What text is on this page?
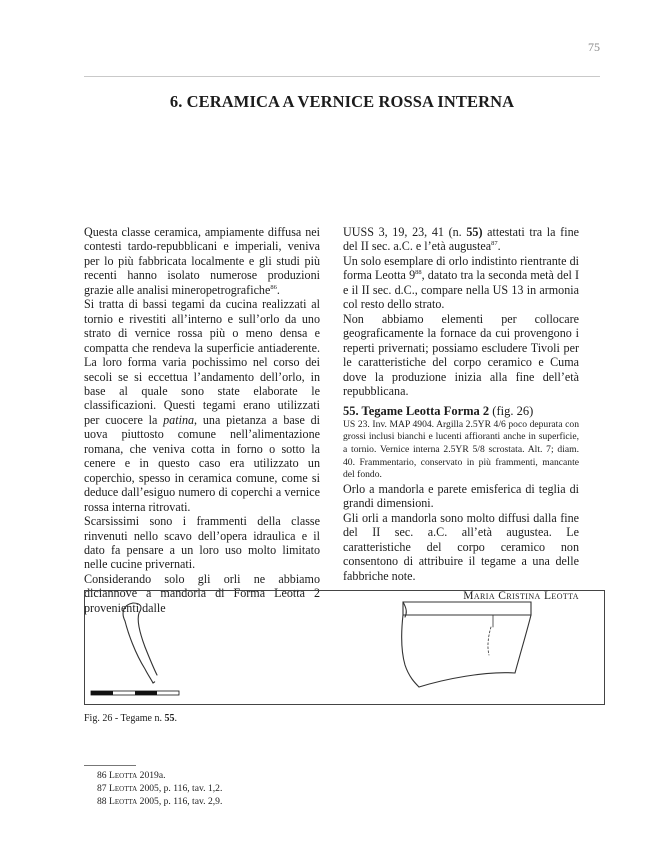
75
6. CERAMICA A VERNICE ROSSA INTERNA

Questa classe ceramica, ampiamente diffusa nei contesti tardo-repubblicani e imperiali, veniva per lo più fabbricata localmente e gli studi più recenti hanno isolato numerose produzioni grazie alle analisi mineropetrografiche$^{86}$.

Si tratta di bassi tegami da cucina realizzati al tornio e rivestiti all’interno e sull’orlo da uno strato di vernice rossa più o meno densa e compatta che rendeva la superficie antiaderente. La loro forma varia pochissimo nel corso dei secoli se si eccettua l’andamento dell’orlo, in base al quale sono state elaborate le classificazioni. Questi tegami erano utilizzati per cuocere la patina, una pietanza a base di uova piuttosto comune nell’alimentazione romana, che veniva cotta in forno o sotto la cenere e in questo caso era utilizzato un coperchio, spesso in ceramica comune, come si deduce dall’esiguo numero di coperchi a vernice rossa interna ritrovati.

Scarsissimi sono i frammenti della classe rinvenuti nello scavo dell’opera idraulica e il dato fa pensare a un loro uso molto limitato nelle cucine privernati.

Considerando solo gli orli ne abbiamo diciannove a mandorla di Forma Leotta 2 provenienti dalle

UUSS 3, 19, 23, 41 (n. 55) attestati tra la fine del II sec. a.C. e l’età augustea$^{87}$.

Un solo esemplare di orlo indistinto rientrante di forma Leotta $9^{88}$, datato tra la seconda metà del I e il II sec. d.C., compare nella US 13 in armonia col resto dello strato.

Non abbiamo elementi per collocare geograficamente la fornace da cui provengono i reperti privernati; possiamo escludere Tivoli per le caratteristiche del corpo ceramico e Cuma dove la produzione inizia alla fine dell’età repubblicana.

55. Tegame Leotta Forma 2 (fig. 26)

US 23. Inv. MAP 4904. Argilla 2.5YR 4/6 poco depurata con grossi inclusi bianchi e lucenti affioranti anche in superficie, a tornio. Vernice interna 2.5YR 5/8 scrostata. Alt. 7; diam. 40. Frammentario, conservato in più frammenti, mancante del fondo.

Orlo a mandorla e parete emisferica di teglia di grandi dimensioni.

Gli orli a mandorla sono molto diffusi dalla fine del II sec. a.C. all’età augustea. Le caratteristiche del corpo ceramico non consentono di attribuire il tegame a una delle fabbriche note.

Maria Cristina Leotta

Fig. 26 - Tegame n. 55.
86 Leotta 2019a.
87 Leotta 2005, p. 116, tav. 1,2.
88 Leotta 2005, p. 116, tav. 2,9.
